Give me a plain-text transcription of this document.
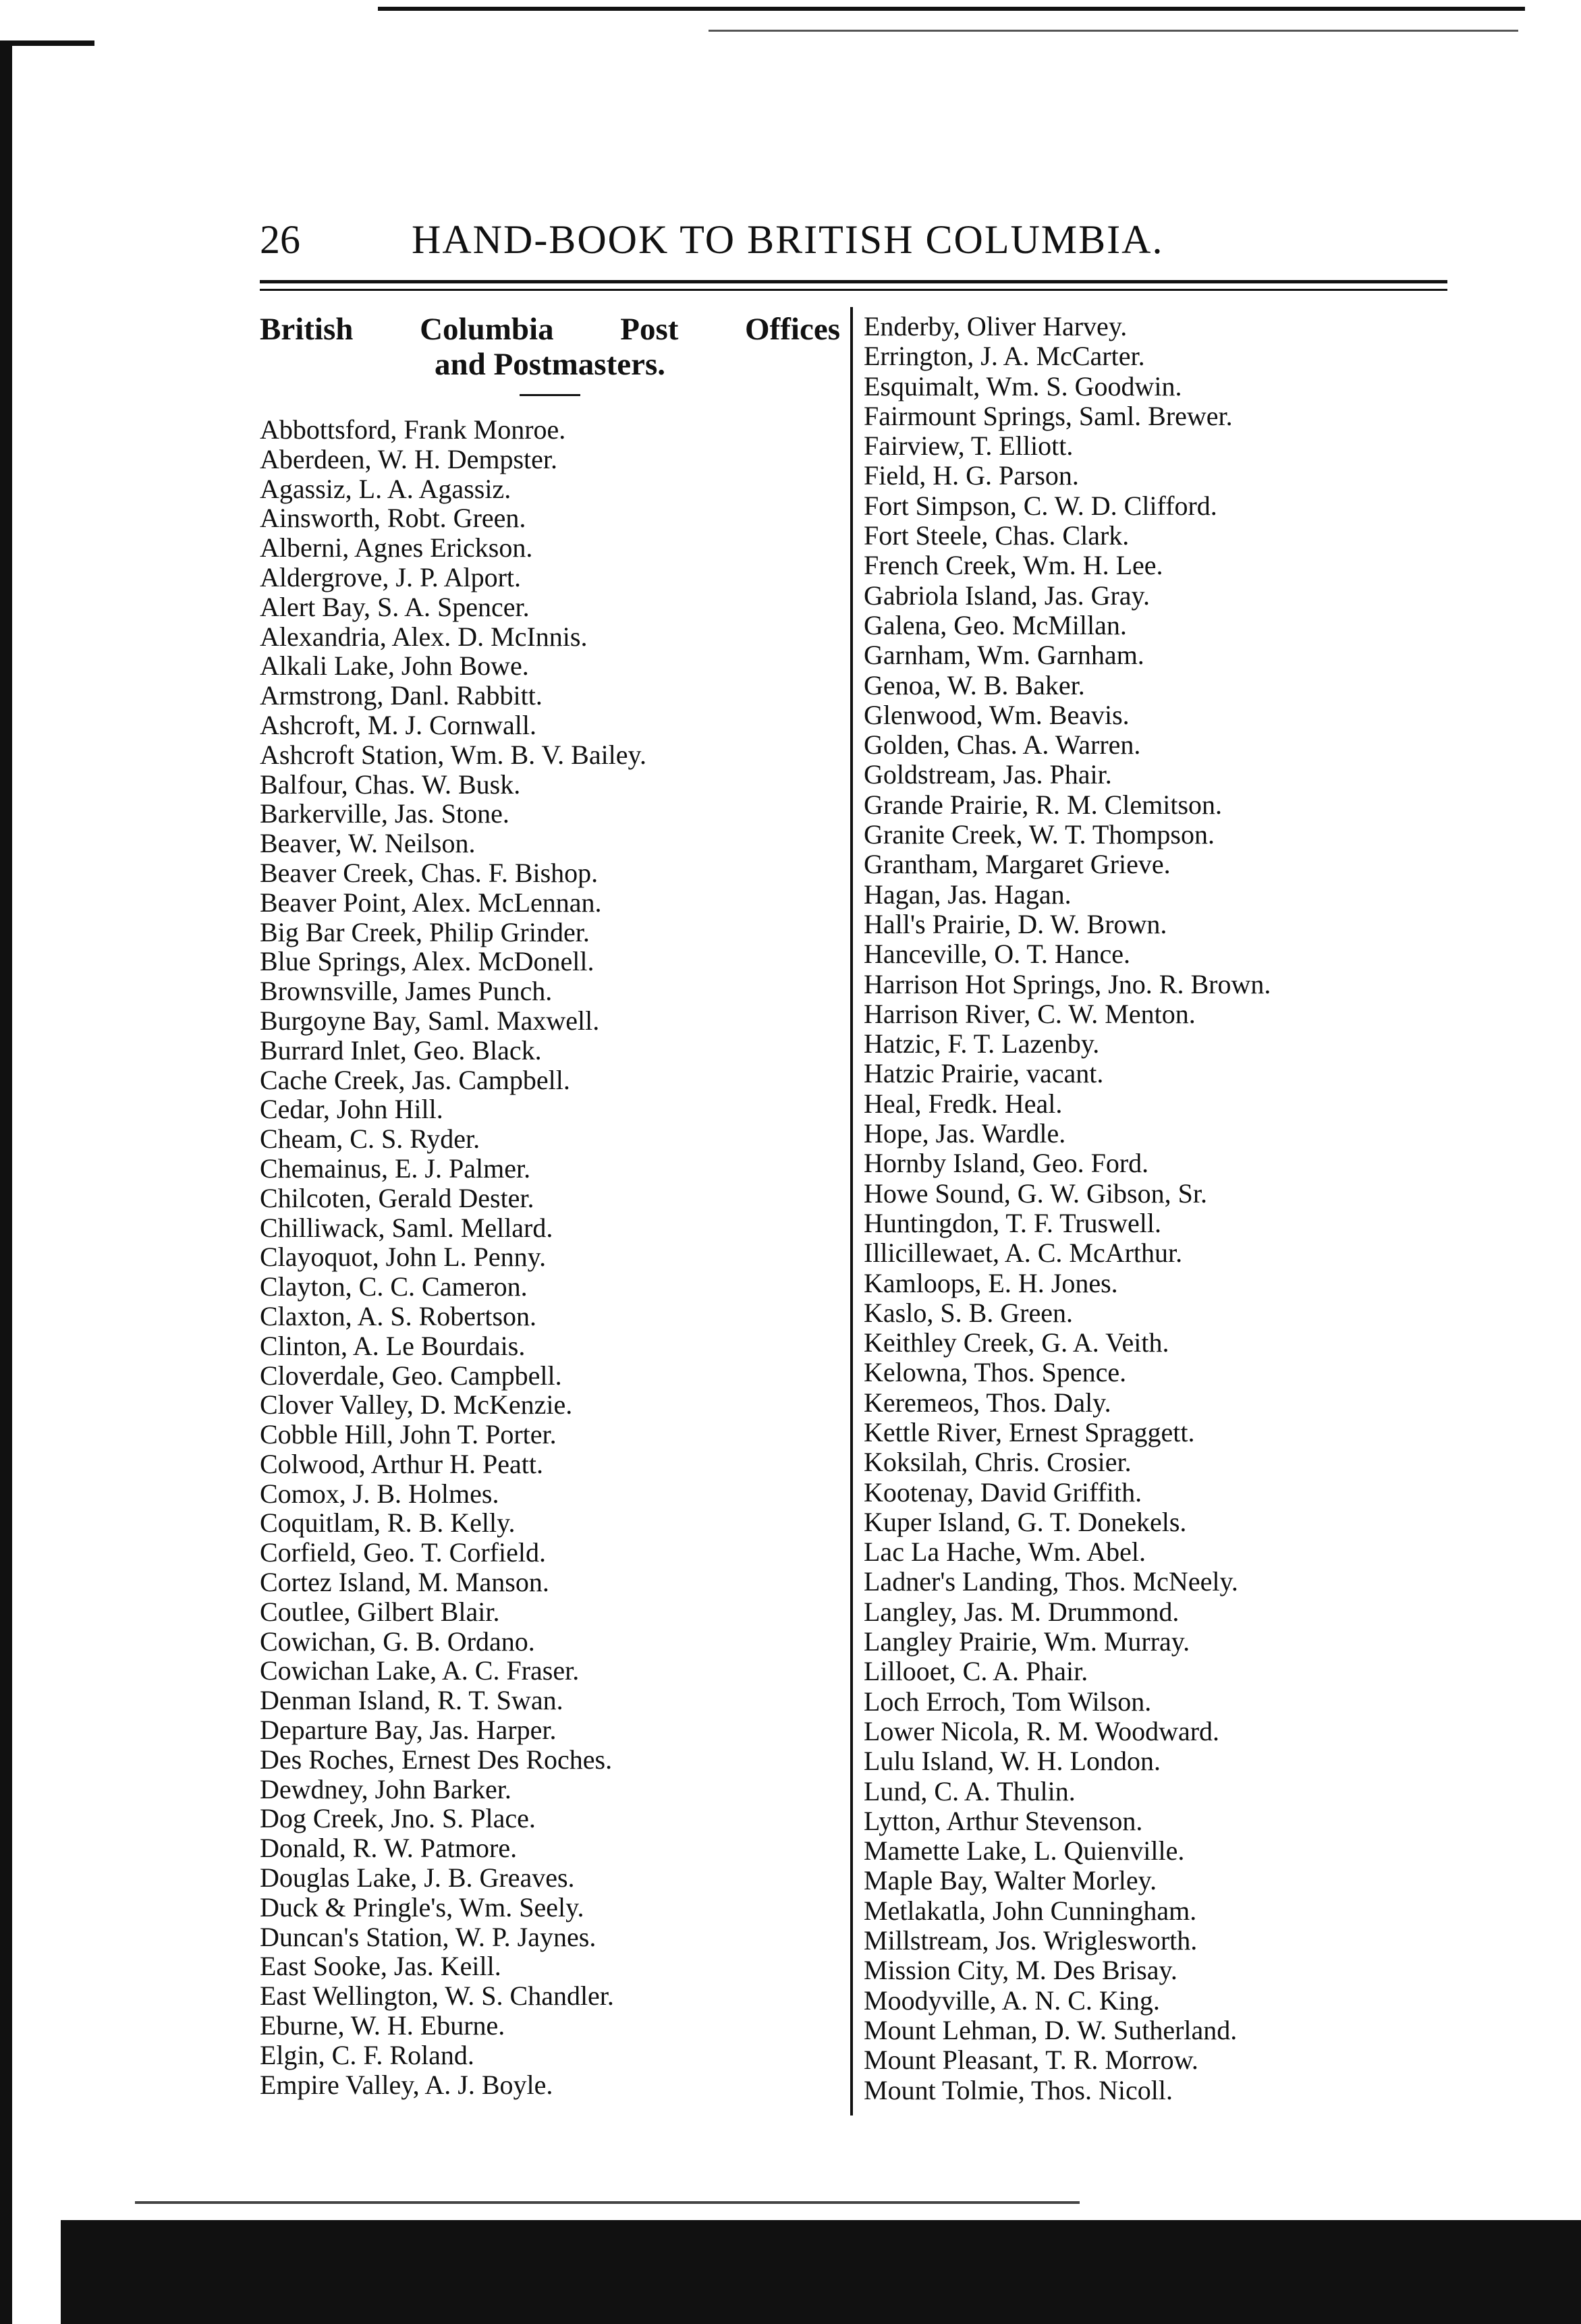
26	HAND-BOOK TO BRITISH COLUMBIA.
British Columbia Post Offices
and Postmasters.
Abbottsford, Frank Monroe.
Aberdeen, W. H. Dempster.
Agassiz, L. A. Agassiz.
Ainsworth, Robt. Green.
Alberni, Agnes Erickson.
Aldergrove, J. P. Alport.
Alert Bay, S. A. Spencer.
Alexandria, Alex. D. McInnis.
Alkali Lake, John Bowe.
Armstrong, Danl. Rabbitt.
Ashcroft, M. J. Cornwall.
Ashcroft Station, Wm. B. V. Bailey.
Balfour, Chas. W. Busk.
Barkerville, Jas. Stone.
Beaver, W. Neilson.
Beaver Creek, Chas. F. Bishop.
Beaver Point, Alex. McLennan.
Big Bar Creek, Philip Grinder.
Blue Springs, Alex. McDonell.
Brownsville, James Punch.
Burgoyne Bay, Saml. Maxwell.
Burrard Inlet, Geo. Black.
Cache Creek, Jas. Campbell.
Cedar, John Hill.
Cheam, C. S. Ryder.
Chemainus, E. J. Palmer.
Chilcoten, Gerald Dester.
Chilliwack, Saml. Mellard.
Clayoquot, John L. Penny.
Clayton, C. C. Cameron.
Claxton, A. S. Robertson.
Clinton, A. Le Bourdais.
Cloverdale, Geo. Campbell.
Clover Valley, D. McKenzie.
Cobble Hill, John T. Porter.
Colwood, Arthur H. Peatt.
Comox, J. B. Holmes.
Coquitlam, R. B. Kelly.
Corfield, Geo. T. Corfield.
Cortez Island, M. Manson.
Coutlee, Gilbert Blair.
Cowichan, G. B. Ordano.
Cowichan Lake, A. C. Fraser.
Denman Island, R. T. Swan.
Departure Bay, Jas. Harper.
Des Roches, Ernest Des Roches.
Dewdney, John Barker.
Dog Creek, Jno. S. Place.
Donald, R. W. Patmore.
Douglas Lake, J. B. Greaves.
Duck & Pringle's, Wm. Seely.
Duncan's Station, W. P. Jaynes.
East Sooke, Jas. Keill.
East Wellington, W. S. Chandler.
Eburne, W. H. Eburne.
Elgin, C. F. Roland.
Empire Valley, A. J. Boyle.
Enderby, Oliver Harvey.
Errington, J. A. McCarter.
Esquimalt, Wm. S. Goodwin.
Fairmount Springs, Saml. Brewer.
Fairview, T. Elliott.
Field, H. G. Parson.
Fort Simpson, C. W. D. Clifford.
Fort Steele, Chas. Clark.
French Creek, Wm. H. Lee.
Gabriola Island, Jas. Gray.
Galena, Geo. McMillan.
Garnham, Wm. Garnham.
Genoa, W. B. Baker.
Glenwood, Wm. Beavis.
Golden, Chas. A. Warren.
Goldstream, Jas. Phair.
Grande Prairie, R. M. Clemitson.
Granite Creek, W. T. Thompson.
Grantham, Margaret Grieve.
Hagan, Jas. Hagan.
Hall's Prairie, D. W. Brown.
Hanceville, O. T. Hance.
Harrison Hot Springs, Jno. R. Brown.
Harrison River, C. W. Menton.
Hatzic, F. T. Lazenby.
Hatzic Prairie, vacant.
Heal, Fredk. Heal.
Hope, Jas. Wardle.
Hornby Island, Geo. Ford.
Howe Sound, G. W. Gibson, Sr.
Huntingdon, T. F. Truswell.
Illicillewaet, A. C. McArthur.
Kamloops, E. H. Jones.
Kaslo, S. B. Green.
Keithley Creek, G. A. Veith.
Kelowna, Thos. Spence.
Keremeos, Thos. Daly.
Kettle River, Ernest Spraggett.
Koksilah, Chris. Crosier.
Kootenay, David Griffith.
Kuper Island, G. T. Donekels.
Lac La Hache, Wm. Abel.
Ladner's Landing, Thos. McNeely.
Langley, Jas. M. Drummond.
Langley Prairie, Wm. Murray.
Lillooet, C. A. Phair.
Loch Erroch, Tom Wilson.
Lower Nicola, R. M. Woodward.
Lulu Island, W. H. London.
Lund, C. A. Thulin.
Lytton, Arthur Stevenson.
Mamette Lake, L. Quienville.
Maple Bay, Walter Morley.
Metlakatla, John Cunningham.
Millstream, Jos. Wriglesworth.
Mission City, M. Des Brisay.
Moodyville, A. N. C. King.
Mount Lehman, D. W. Sutherland.
Mount Pleasant, T. R. Morrow.
Mount Tolmie, Thos. Nicoll.
